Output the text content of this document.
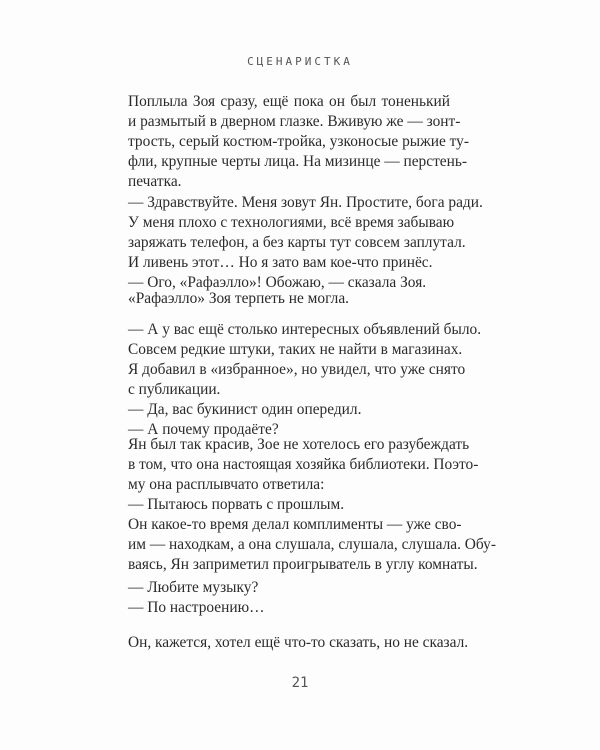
СЦЕНАРИСТКА
Поплыла Зоя сразу, ещё пока он был тоненький
и размытый в дверном глазке. Вживую же — зонт-
трость, серый костюм-тройка, узконосые рыжие ту-
фли, крупные черты лица. На мизинце — перстень-
печатка.
— Здравствуйте. Меня зовут Ян. Простите, бога ради.
У меня плохо с технологиями, всё время забываю
заряжать телефон, а без карты тут совсем заплутал.
И ливень этот… Но я зато вам кое-что принёс.
— Ого, «Рафаэлло»! Обожаю, — сказала Зоя.
«Рафаэлло» Зоя терпеть не могла.
— А у вас ещё столько интересных объявлений было.
Совсем редкие штуки, таких не найти в магазинах.
Я добавил в «избранное», но увидел, что уже снято
с публикации.
— Да, вас букинист один опередил.
— А почему продаёте?
Ян был так красив, Зое не хотелось его разубеждать
в том, что она настоящая хозяйка библиотеки. Поэто-
му она расплывчато ответила:
— Пытаюсь порвать с прошлым.
Он какое-то время делал комплименты — уже сво-
им — находкам, а она слушала, слушала, слушала. Обу-
ваясь, Ян заприметил проигрыватель в углу комнаты.
— Любите музыку?
— По настроению…
Он, кажется, хотел ещё что-то сказать, но не сказал.
21
